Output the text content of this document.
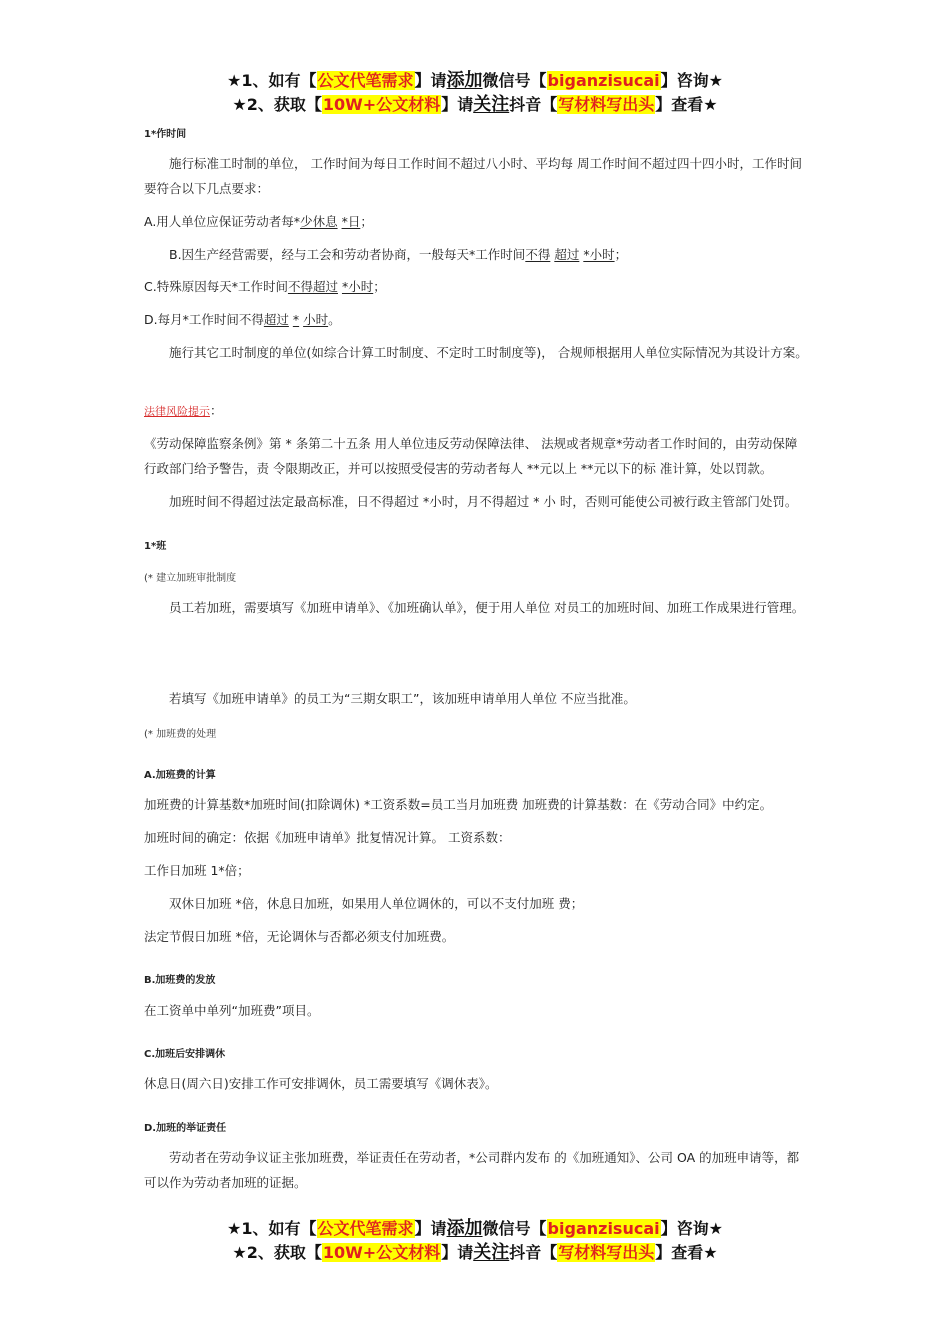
★1、如有【公文代笔需求】请添加微信号【biganzisucai】咨询★
★2、获取【10W+公文材料】请关注抖音【写材料写出头】查看★
1*作时间

施行标准工时制的单位， 工作时间为每日工作时间不超过八小时、平均每 周工作时间不超过四十四小时，工作时间要符合以下几点要求：

A.用人单位应保证劳动者每*少休息 *日；

B.因生产经营需要，经与工会和劳动者协商，一般每天*工作时间不得 超过 *小时；

C.特殊原因每天*工作时间不得超过 *小时；

D.每月*工作时间不得超过 * 小时。

施行其它工时制度的单位(如综合计算工时制度、不定时工时制度等)， 合规师根据用人单位实际情况为其设计方案。

法律风险提示：

《劳动保障监察条例》第 * 条第二十五条 用人单位违反劳动保障法律、 法规或者规章*劳动者工作时间的，由劳动保障行政部门给予警告，责 令限期改正，并可以按照受侵害的劳动者每人 **元以上 **元以下的标 准计算，处以罚款。

加班时间不得超过法定最高标准，日不得超过 *小时，月不得超过 * 小 时，否则可能使公司被行政主管部门处罚。

1*班
(* 建立加班审批制度

员工若加班，需要填写《加班申请单》、《加班确认单》，便于用人单位 对员工的加班时间、加班工作成果进行管理。

若填写《加班申请单》的员工为“三期女职工”，该加班申请单用人单位 不应当批准。

(* 加班费的处理
A.加班费的计算

加班费的计算基数*加班时间(扣除调休) *工资系数=员工当月加班费 加班费的计算基数：在《劳动合同》中约定。

加班时间的确定：依据《加班申请单》批复情况计算。 工资系数：

工作日加班 1*倍；

双休日加班 *倍，休息日加班，如果用人单位调休的，可以不支付加班 费；

法定节假日加班 *倍，无论调休与否都必须支付加班费。

B.加班费的发放

在工资单中单列“加班费”项目。

C.加班后安排调休

休息日(周六日)安排工作可安排调休，员工需要填写《调休表》。

D.加班的举证责任

劳动者在劳动争议证主张加班费，举证责任在劳动者，*公司群内发布 的《加班通知》、公司 OA 的加班申请等，都可以作为劳动者加班的证据。

★1、如有【公文代笔需求】请添加微信号【biganzisucai】咨询★
★2、获取【10W+公文材料】请关注抖音【写材料写出头】查看★
